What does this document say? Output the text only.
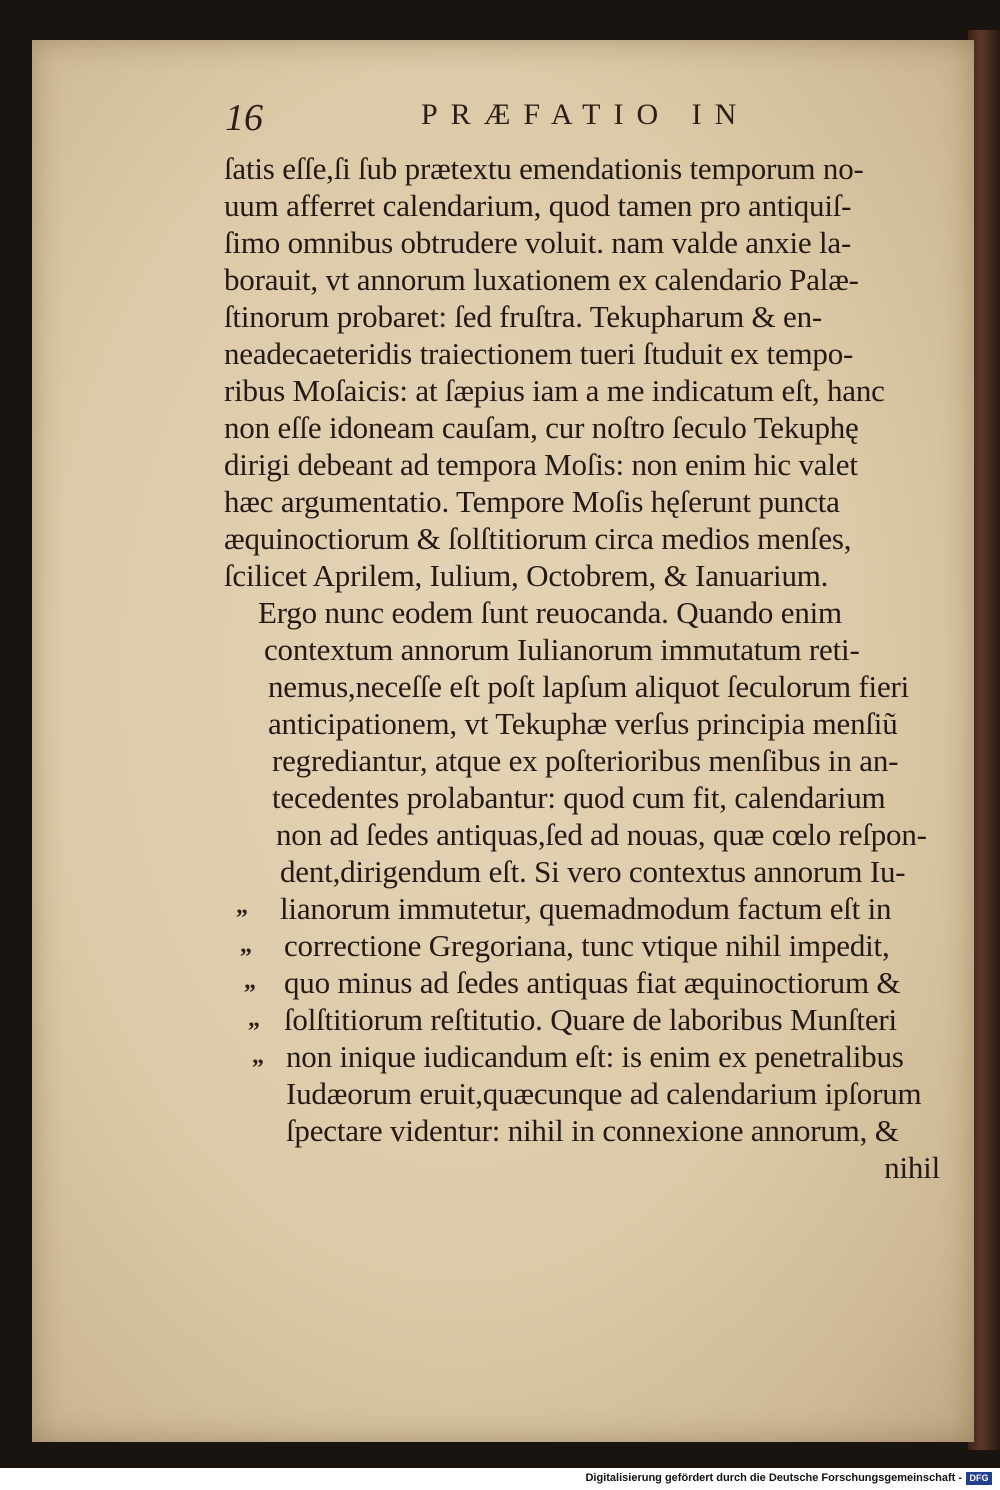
16	PRÆFATIO IN
ſatis eſſe,ſi ſub prætextu emendationis temporum no-
uum afferret calendarium, quod tamen pro antiquiſ-
ſimo omnibus obtrudere voluit. nam valde anxie la-
borauit, vt annorum luxationem ex calendario Palæ-
ſtinorum probaret: ſed fruſtra. Tekupharum & en-
neadecaeteridis traiectionem tueri ſtuduit ex tempo-
ribus Moſaicis: at ſæpius iam a me indicatum eſt, hanc
non eſſe idoneam cauſam, cur noſtro ſeculo Tekuphę
dirigi debeant ad tempora Moſis: non enim hic valet
hæc argumentatio. Tempore Moſis hęſerunt puncta
æquinoctiorum & ſolſtitiorum circa medios menſes,
ſcilicet Aprilem, Iulium, Octobrem, & Ianuarium.
Ergo nunc eodem ſunt reuocanda. Quando enim
contextum annorum Iulianorum immutatum reti-
nemus,neceſſe eſt poſt lapſum aliquot ſeculorum fieri
anticipationem, vt Tekuphæ verſus principia menſiũ
regrediantur, atque ex poſterioribus menſibus in an-
tecedentes prolabantur: quod cum fit, calendarium
non ad ſedes antiquas,ſed ad nouas, quæ cœlo reſpon-
dent,dirigendum eſt. Si vero contextus annorum Iu-
lianorum immutetur, quemadmodum factum eſt in
correctione Gregoriana, tunc vtique nihil impedit,
quo minus ad ſedes antiquas fiat æquinoctiorum &
ſolſtitiorum reſtitutio. Quare de laboribus Munſteri
non inique iudicandum eſt: is enim ex penetralibus
Iudæorum eruit,quæcunque ad calendarium ipſorum
ſpectare videntur: nihil in connexione annorum, &
nihil
„
„
„
„
„
Digitalisierung gefördert durch die Deutsche Forschungsgemeinschaft - DFG
